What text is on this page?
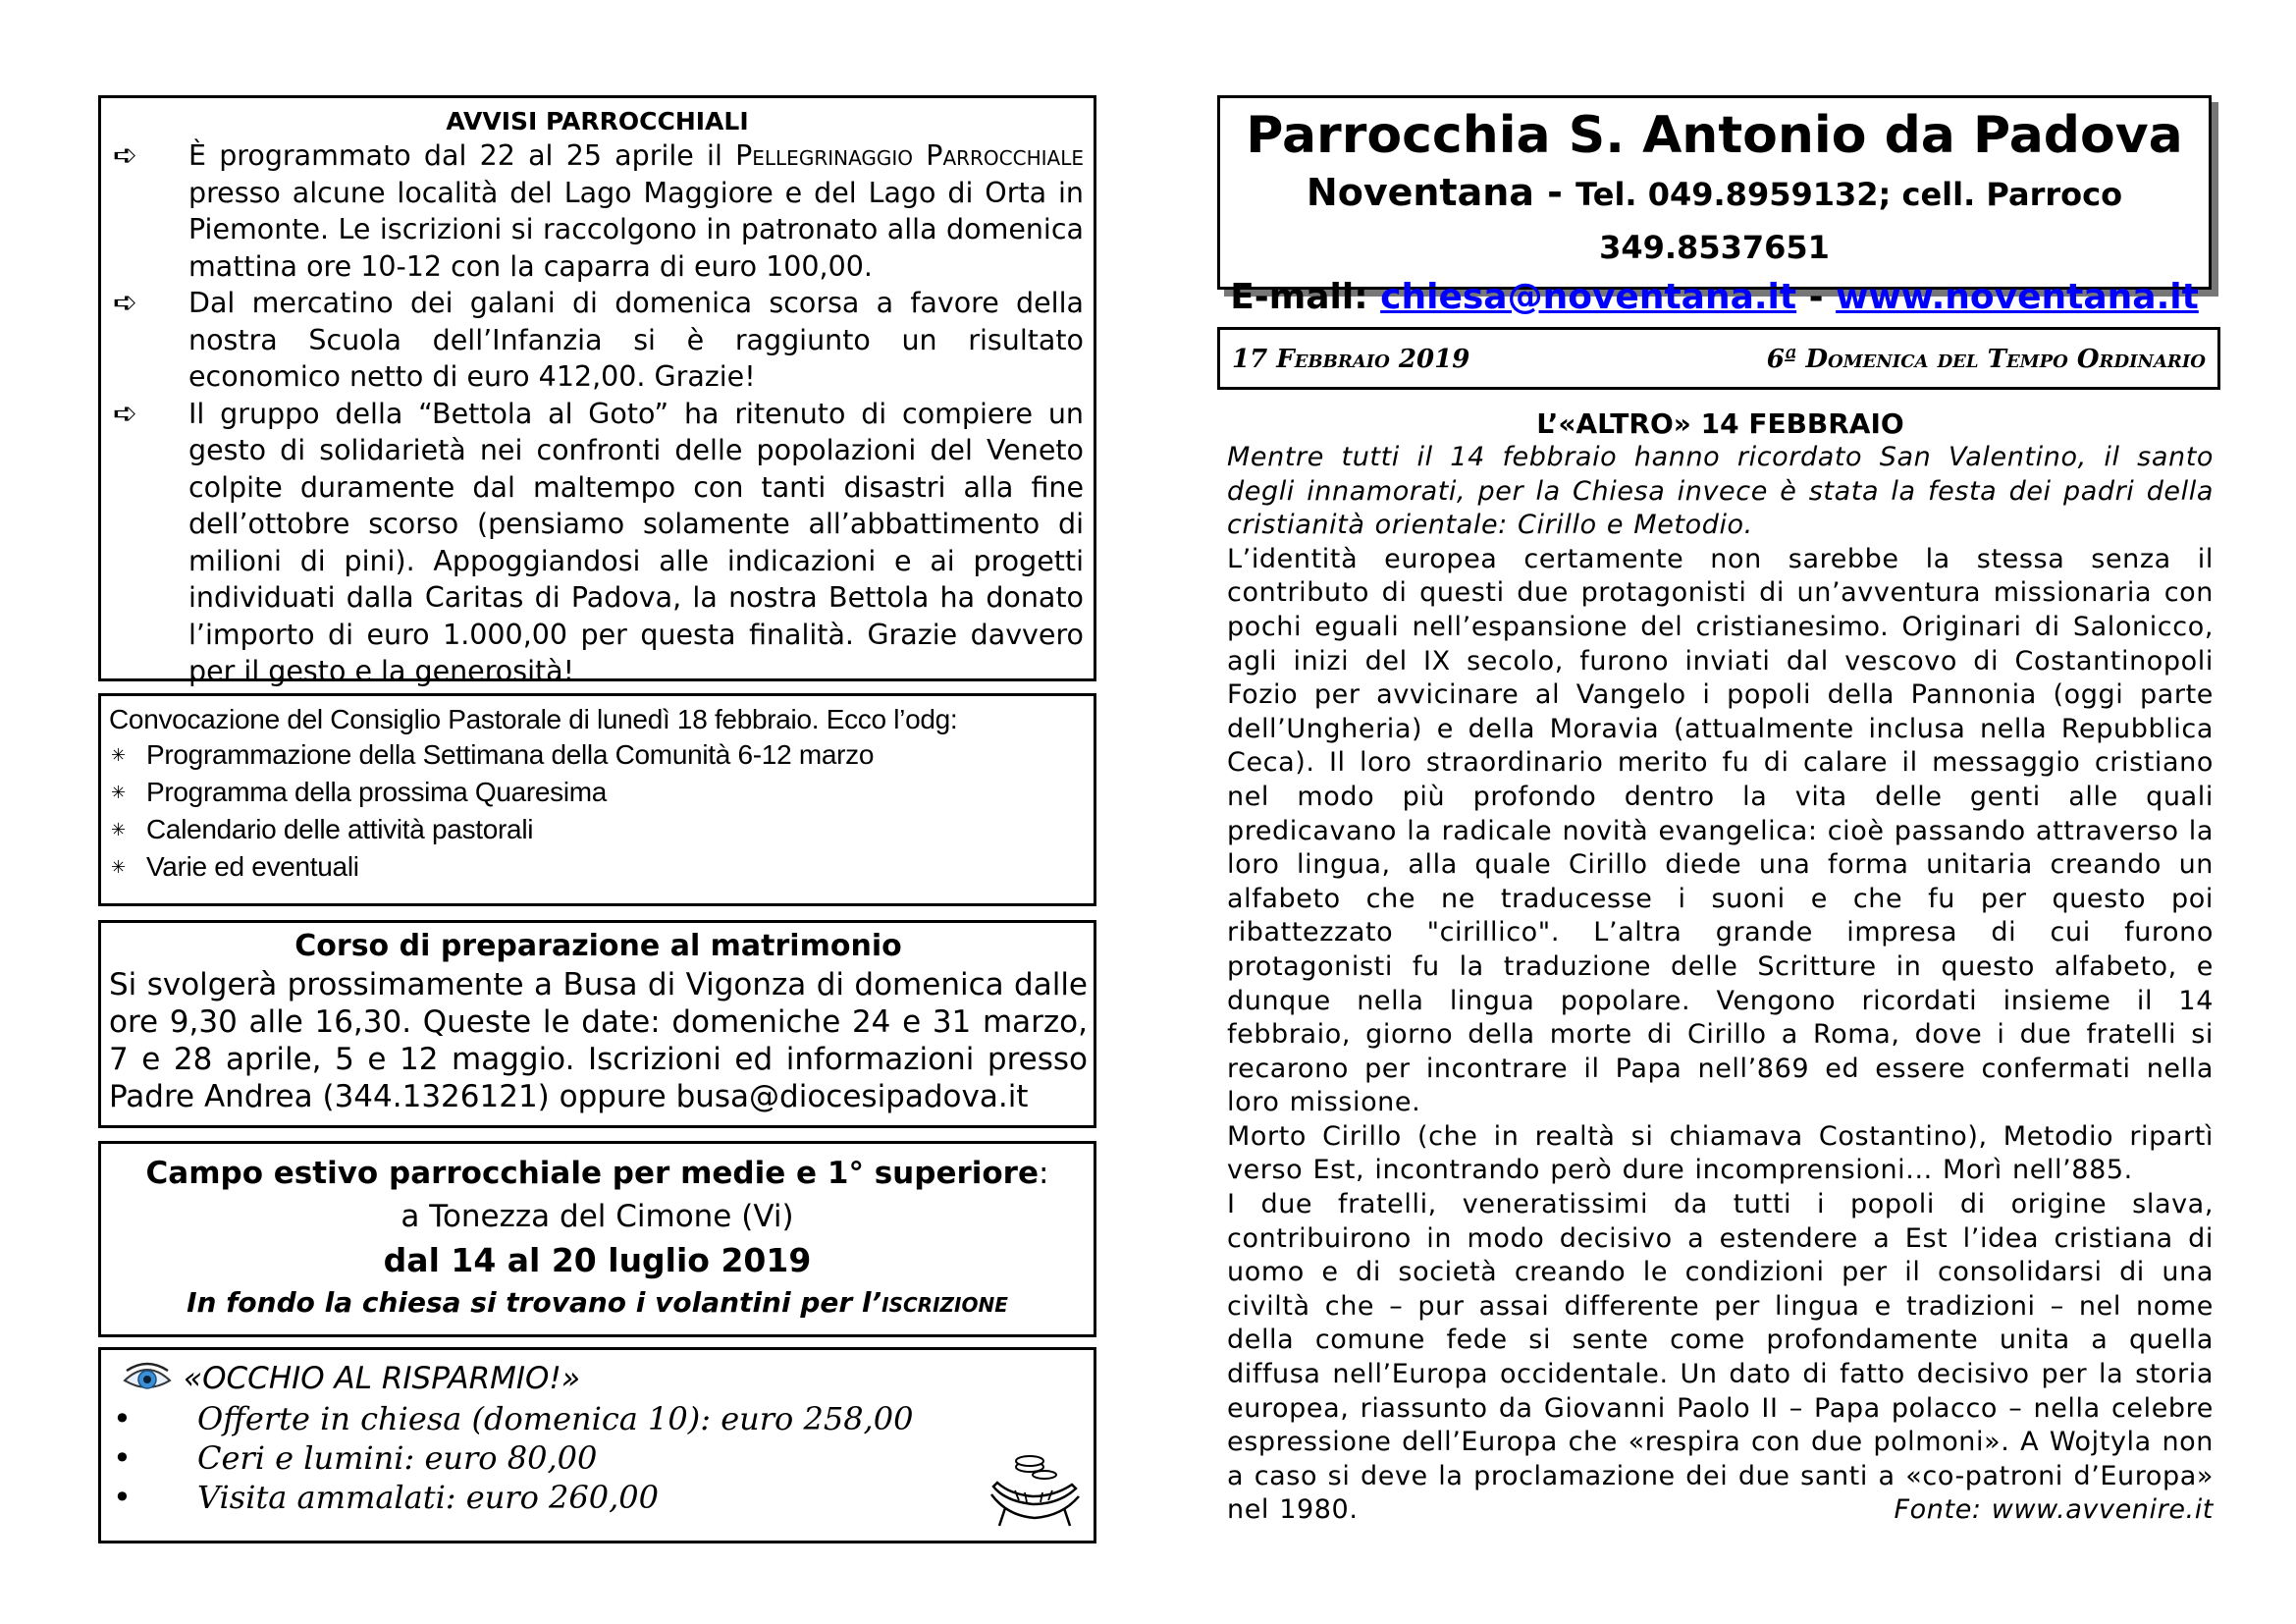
AVVISI PARROCCHIALI
➪	È programmato dal 22 al 25 aprile il Pellegrinaggio Parrocchiale presso alcune località del Lago Maggiore e del Lago di Orta in Piemonte. Le iscrizioni si raccolgono in patronato alla domenica mattina ore 10-12 con la caparra di euro 100,00.
➪	Dal mercatino dei galani di domenica scorsa a favore della nostra Scuola dell’Infanzia si è raggiunto un risultato economico netto di euro 412,00. Grazie!
➪	Il gruppo della “Bettola al Goto” ha ritenuto di compiere un gesto di solidarietà nei confronti delle popolazioni del Veneto colpite duramente dal maltempo con tanti disastri alla fine dell’ottobre scorso (pensiamo solamente all’abbattimento di milioni di pini). Appoggiandosi alle indicazioni e ai progetti individuati dalla Caritas di Padova, la nostra Bettola ha donato l’importo di euro 1.000,00 per questa finalità. Grazie davvero per il gesto e la generosità!
Convocazione del Consiglio Pastorale di lunedì 18 febbraio. Ecco l’odg:
✳ Programmazione della Settimana della Comunità 6-12 marzo
✳ Programma della prossima Quaresima
✳ Calendario delle attività pastorali
✳ Varie ed eventuali
Corso di preparazione al matrimonio
Si svolgerà prossimamente a Busa di Vigonza di domenica dalle ore 9,30 alle 16,30. Queste le date: domeniche 24 e 31 marzo, 7 e 28 aprile, 5 e 12 maggio. Iscrizioni ed informazioni presso Padre Andrea (344.1326121) oppure busa@diocesipadova.it
Campo estivo parrocchiale per medie e 1° superiore:
a Tonezza del Cimone (Vi)
dal 14 al 20 luglio 2019
In fondo la chiesa si trovano i volantini per l’iscrizione
«OCCHIO AL RISPARMIO!»
•	Offerte in chiesa (domenica 10): euro 258,00
•	Ceri e lumini: euro 80,00
•	Visita ammalati: euro 260,00
Parrocchia S. Antonio da Padova
Noventana - Tel. 049.8959132; cell. Parroco 349.8537651
E-mail: chiesa@noventana.it - www.noventana.it
17 Febbraio 2019	6ª Domenica del Tempo Ordinario
L’«ALTRO» 14 FEBBRAIO
Mentre tutti il 14 febbraio hanno ricordato San Valentino, il santo degli innamorati, per la Chiesa invece è stata la festa dei padri della cristianità orientale: Cirillo e Metodio.
L’identità europea certamente non sarebbe la stessa senza il contributo di questi due protagonisti di un’avventura missionaria con pochi eguali nell’espansione del cristianesimo. Originari di Salonicco, agli inizi del IX secolo, furono inviati dal vescovo di Costantinopoli Fozio per avvicinare al Vangelo i popoli della Pannonia (oggi parte dell’Ungheria) e della Moravia (attualmente inclusa nella Repubblica Ceca). Il loro straordinario merito fu di calare il messaggio cristiano nel modo più profondo dentro la vita delle genti alle quali predicavano la radicale novità evangelica: cioè passando attraverso la loro lingua, alla quale Cirillo diede una forma unitaria creando un alfabeto che ne traducesse i suoni e che fu per questo poi ribattezzato "cirillico". L’altra grande impresa di cui furono protagonisti fu la traduzione delle Scritture in questo alfabeto, e dunque nella lingua popolare. Vengono ricordati insieme il 14 febbraio, giorno della morte di Cirillo a Roma, dove i due fratelli si recarono per incontrare il Papa nell’869 ed essere confermati nella loro missione.
Morto Cirillo (che in realtà si chiamava Costantino), Metodio ripartì verso Est, incontrando però dure incomprensioni... Morì nell’885.
I due fratelli, veneratissimi da tutti i popoli di origine slava, contribuirono in modo decisivo a estendere a Est l’idea cristiana di uomo e di società creando le condizioni per il consolidarsi di una civiltà che – pur assai differente per lingua e tradizioni – nel nome della comune fede si sente come profondamente unita a quella diffusa nell’Europa occidentale. Un dato di fatto decisivo per la storia europea, riassunto da Giovanni Paolo II – Papa polacco – nella celebre espressione dell’Europa che «respira con due polmoni». A Wojtyla non a caso si deve la proclamazione dei due santi a «co-patroni d’Europa» nel 1980.	Fonte: www.avvenire.it
